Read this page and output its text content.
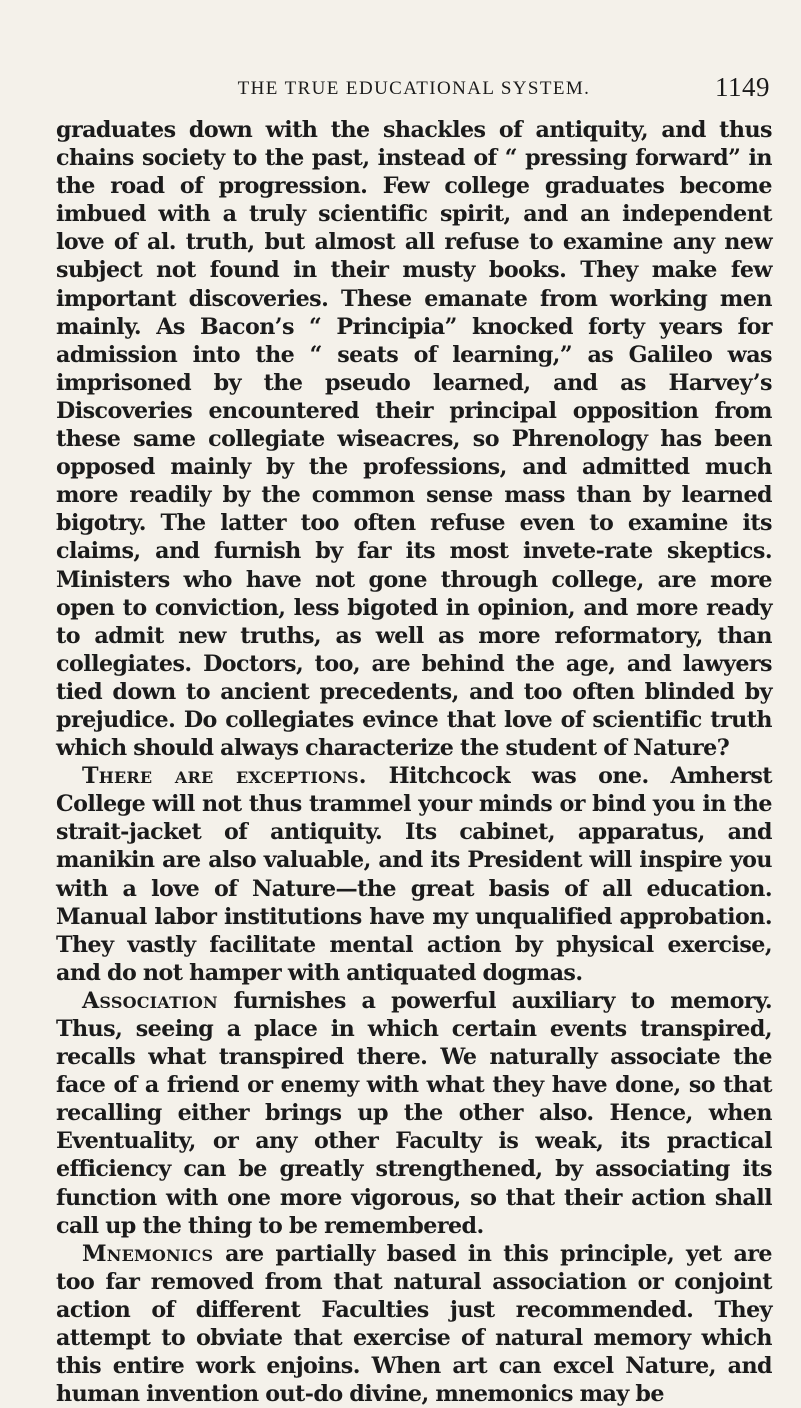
THE TRUE EDUCATIONAL SYSTEM.	1149

graduates down with the shackles of antiquity, and thus chains society to the past, instead of “ pressing forward” in the road of progression. Few college graduates become imbued with a truly scientific spirit, and an independent love of al. truth, but almost all refuse to examine any new subject not found in their musty books. They make few important discoveries. These emanate from working men mainly. As Bacon’s “ Principia” knocked forty years for admission into the “ seats of learning,” as Galileo was imprisoned by the pseudo learned, and as Harvey’s Discoveries encountered their principal opposition from these same collegiate wiseacres, so Phrenology has been opposed mainly by the professions, and admitted much more readily by the common sense mass than by learned bigotry. The latter too often refuse even to examine its claims, and furnish by far its most invete-rate skeptics. Ministers who have not gone through college, are more open to conviction, less bigoted in opinion, and more ready to admit new truths, as well as more reformatory, than collegiates. Doctors, too, are behind the age, and lawyers tied down to ancient precedents, and too often blinded by prejudice. Do collegiates evince that love of scientific truth which should always characterize the student of Nature?

There are exceptions. Hitchcock was one. Amherst College will not thus trammel your minds or bind you in the strait-jacket of antiquity. Its cabinet, apparatus, and manikin are also valuable, and its President will inspire you with a love of Nature—the great basis of all education. Manual labor institutions have my unqualified approbation. They vastly facilitate mental action by physical exercise, and do not hamper with antiquated dogmas.

Association furnishes a powerful auxiliary to memory. Thus, seeing a place in which certain events transpired, recalls what transpired there. We naturally associate the face of a friend or enemy with what they have done, so that recalling either brings up the other also. Hence, when Eventuality, or any other Faculty is weak, its practical efficiency can be greatly strengthened, by associating its function with one more vigorous, so that their action shall call up the thing to be remembered.

Mnemonics are partially based in this principle, yet are too far removed from that natural association or conjoint action of different Faculties just recommended. They attempt to obviate that exercise of natural memory which this entire work enjoins. When art can excel Nature, and human invention out-do divine, mnemonics may be
